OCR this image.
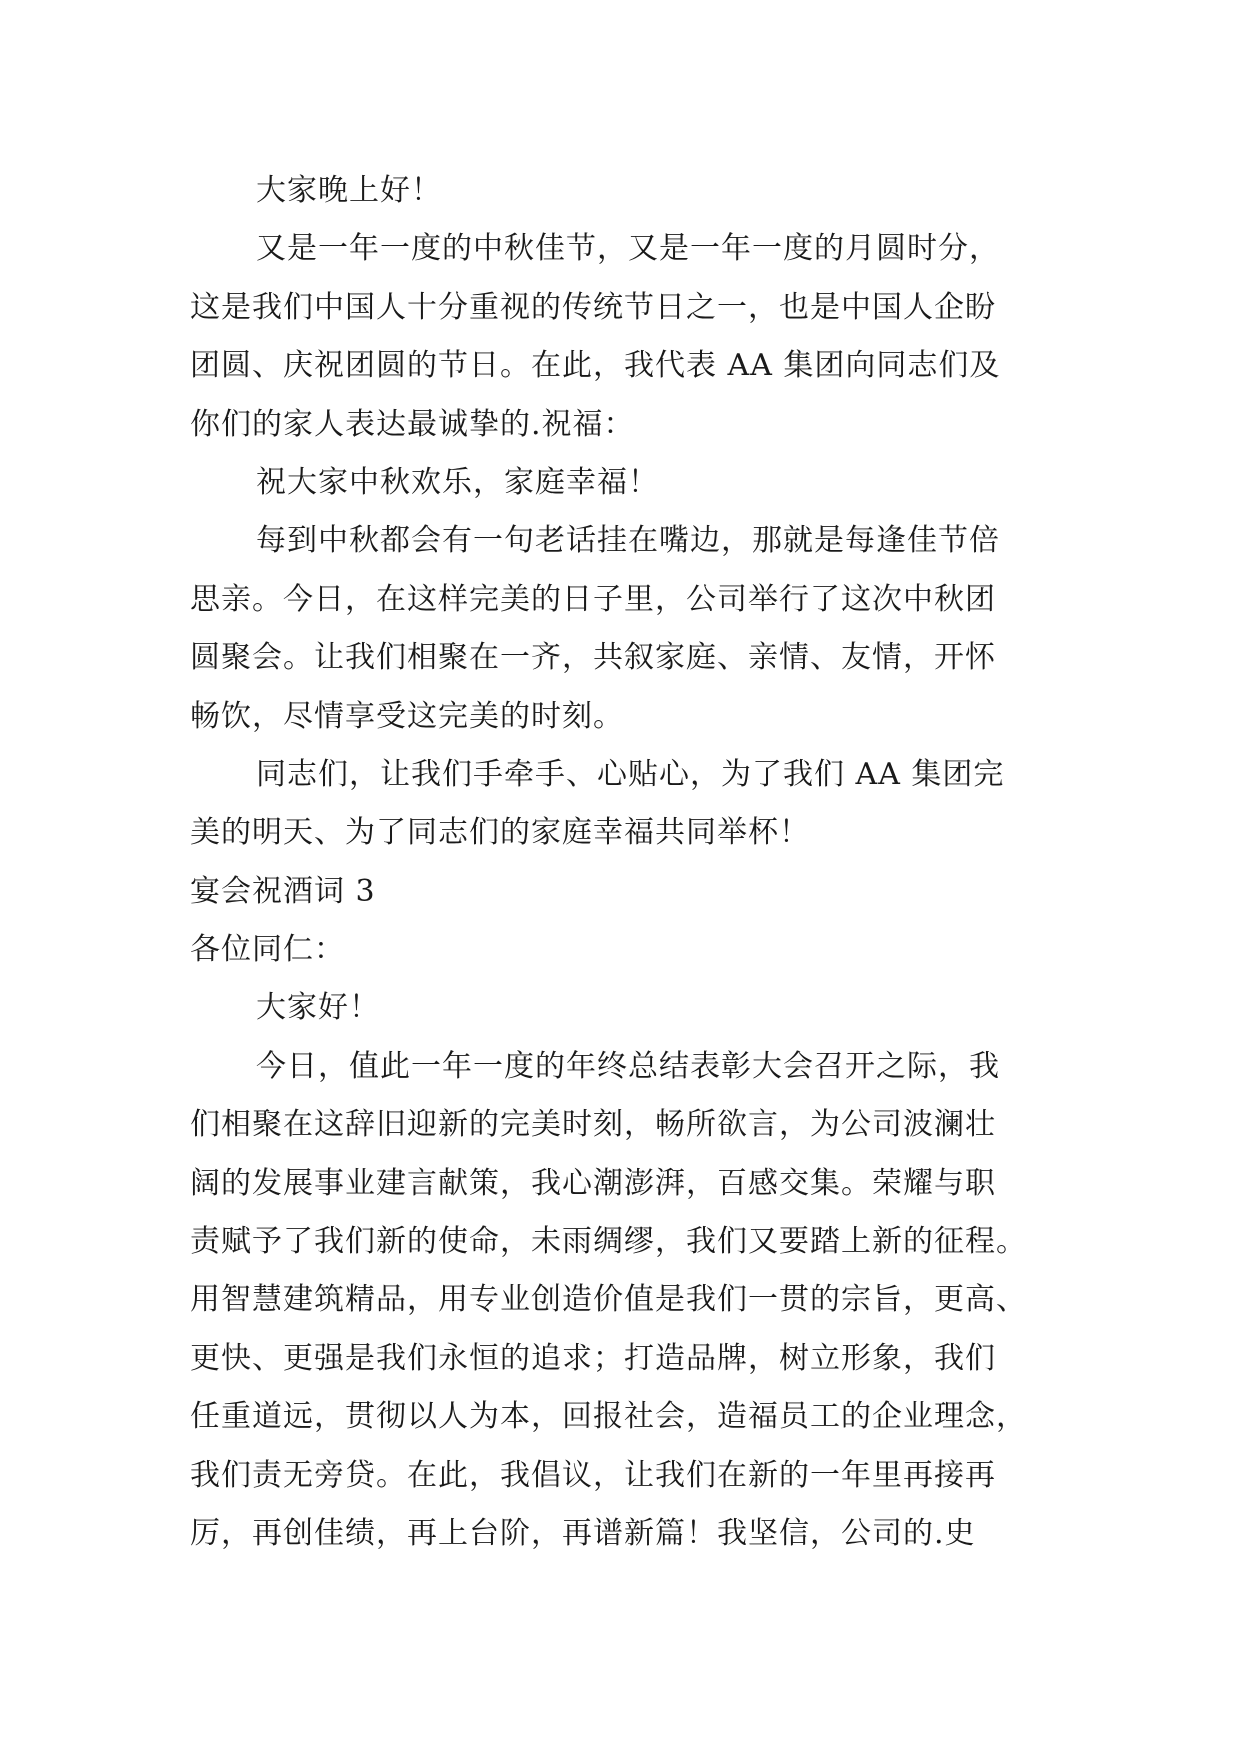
大家晚上好！
又是一年一度的中秋佳节，又是一年一度的月圆时分，
这是我们中国人十分重视的传统节日之一，也是中国人企盼
团圆、庆祝团圆的节日。在此，我代表 AA 集团向同志们及
你们的家人表达最诚挚的.祝福：
祝大家中秋欢乐，家庭幸福！
每到中秋都会有一句老话挂在嘴边，那就是每逢佳节倍
思亲。今日，在这样完美的日子里，公司举行了这次中秋团
圆聚会。让我们相聚在一齐，共叙家庭、亲情、友情，开怀
畅饮，尽情享受这完美的时刻。
同志们，让我们手牵手、心贴心，为了我们 AA 集团完
美的明天、为了同志们的家庭幸福共同举杯！
宴会祝酒词 3
各位同仁：
大家好！
今日，值此一年一度的年终总结表彰大会召开之际，我
们相聚在这辞旧迎新的完美时刻，畅所欲言，为公司波澜壮
阔的发展事业建言献策，我心潮澎湃，百感交集。荣耀与职
责赋予了我们新的使命，未雨绸缪，我们又要踏上新的征程。
用智慧建筑精品，用专业创造价值是我们一贯的宗旨，更高、
更快、更强是我们永恒的追求；打造品牌，树立形象，我们
任重道远，贯彻以人为本，回报社会，造福员工的企业理念，
我们责无旁贷。在此，我倡议，让我们在新的一年里再接再
厉，再创佳绩，再上台阶，再谱新篇！我坚信，公司的.史
